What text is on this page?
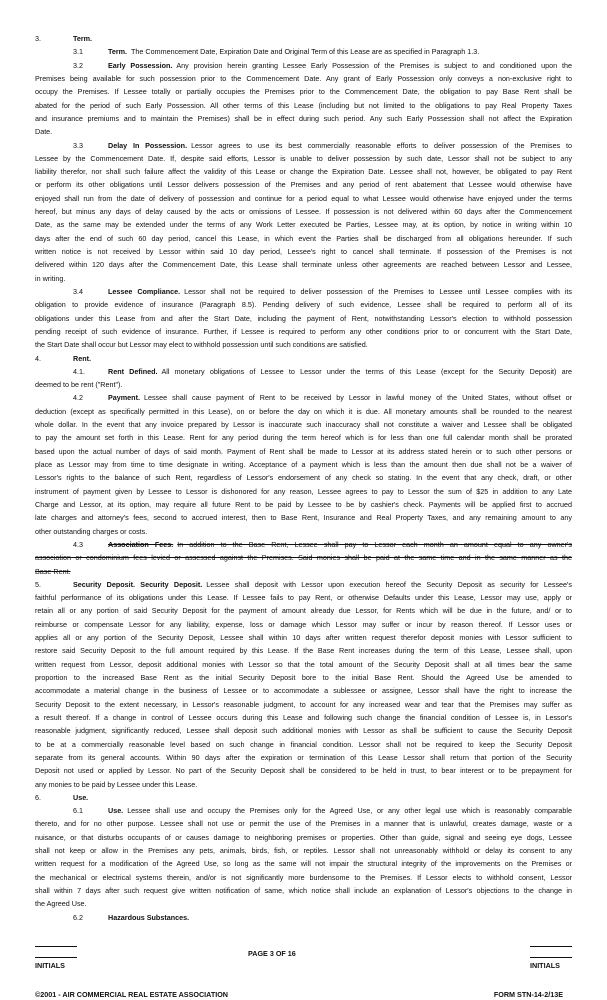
3.	Term.
3.1	Term. The Commencement Date, Expiration Date and Original Term of this Lease are as specified in Paragraph 1.3.
3.2	Early Possession. Any provision herein granting Lessee Early Possession of the Premises is subject to and conditioned upon the
Premises being available for such possession prior to the Commencement Date. Any grant of Early Possession only conveys a non-exclusive right to
occupy the Premises. If Lessee totally or partially occupies the Premises prior to the Commencement Date, the obligation to pay Base Rent shall be
abated for the period of such Early Possession. All other terms of this Lease (including but not limited to the obligations to pay Real Property Taxes
and insurance premiums and to maintain the Premises) shall be in effect during such period. Any such Early Possession shall not affect the Expiration
Date.
3.3	Delay In Possession. Lessor agrees to use its best commercially reasonable efforts to deliver possession of the Premises to
Lessee by the Commencement Date. If, despite said efforts, Lessor is unable to deliver possession by such date, Lessor shall not be subject to any
liability therefor, nor shall such failure affect the validity of this Lease or change the Expiration Date. Lessee shall not, however, be obligated to pay Rent
or perform its other obligations until Lessor delivers possession of the Premises and any period of rent abatement that Lessee would otherwise have
enjoyed shall run from the date of delivery of possession and continue for a period equal to what Lessee would otherwise have enjoyed under the terms
hereof, but minus any days of delay caused by the acts or omissions of Lessee. If possession is not delivered within 60 days after the Commencement
Date, as the same may be extended under the terms of any Work Letter executed be Parties, Lessee may, at its option, by notice in writing within 10
days after the end of such 60 day period, cancel this Lease, in which event the Parties shall be discharged from all obligations hereunder. If such
written notice is not received by Lessor within said 10 day period, Lessee's right to cancel shall terminate. If possession of the Premises is not
delivered within 120 days after the Commencement Date, this Lease shall terminate unless other agreements are reached between Lessor and Lessee,
in writing.
3.4	Lessee Compliance. Lessor shall not be required to deliver possession of the Premises to Lessee until Lessee complies with its
obligation to provide evidence of insurance (Paragraph 8.5). Pending delivery of such evidence, Lessee shall be required to perform all of its
obligations under this Lease from and after the Start Date, including the payment of Rent, notwithstanding Lessor's election to withhold possession
pending receipt of such evidence of insurance. Further, if Lessee is required to perform any other conditions prior to or concurrent with the Start Date,
the Start Date shall occur but Lessor may elect to withhold possession until such conditions are satisfied.
4.	Rent.
4.1.	Rent Defined. All monetary obligations of Lessee to Lessor under the terms of this Lease (except for the Security Deposit) are
deemed to be rent ("Rent").
4.2	Payment. Lessee shall cause payment of Rent to be received by Lessor in lawful money of the United States, without offset or
deduction (except as specifically permitted in this Lease), on or before the day on which it is due. All monetary amounts shall be rounded to the nearest
whole dollar. In the event that any invoice prepared by Lessor is inaccurate such inaccuracy shall not constitute a waiver and Lessee shall be obligated
to pay the amount set forth in this Lease. Rent for any period during the term hereof which is for less than one full calendar month shall be prorated
based upon the actual number of days of said month. Payment of Rent shall be made to Lessor at its address stated herein or to such other persons or
place as Lessor may from time to time designate in writing. Acceptance of a payment which is less than the amount then due shall not be a waiver of
Lessor's rights to the balance of such Rent, regardless of Lessor's endorsement of any check so stating. In the event that any check, draft, or other
instrument of payment given by Lessee to Lessor is dishonored for any reason, Lessee agrees to pay to Lessor the sum of $25 in addition to any Late
Charge and Lessor, at its option, may require all future Rent to be paid by Lessee to be by cashier's check. Payments will be applied first to accrued
late charges and attorney's fees, second to accrued interest, then to Base Rent, Insurance and Real Property Taxes, and any remaining amount to any
other outstanding charges or costs.
4.3	Association Fees. In addition to the Base Rent, Lessee shall pay to Lessor each month an amount equal to any owner's
association or condominium fees levied or assessed against the Premises. Said monies shall be paid at the same time and in the same manner as the
Base Rent.
5.	Security Deposit. Security Deposit. Lessee shall deposit with Lessor upon execution hereof the Security Deposit as security for Lessee's
faithful performance of its obligations under this Lease. If Lessee fails to pay Rent, or otherwise Defaults under this Lease, Lessor may use, apply or
retain all or any portion of said Security Deposit for the payment of amount already due Lessor, for Rents which will be due in the future, and/ or to
reimburse or compensate Lessor for any liability, expense, loss or damage which Lessor may suffer or incur by reason thereof. If Lessor uses or
applies all or any portion of the Security Deposit, Lessee shall within 10 days after written request therefor deposit monies with Lessor sufficient to
restore said Security Deposit to the full amount required by this Lease. If the Base Rent increases during the term of this Lease, Lessee shall, upon
written request from Lessor, deposit additional monies with Lessor so that the total amount of the Security Deposit shall at all times bear the same
proportion to the increased Base Rent as the initial Security Deposit bore to the initial Base Rent. Should the Agreed Use be amended to
accommodate a material change in the business of Lessee or to accommodate a sublessee or assignee, Lessor shall have the right to increase the
Security Deposit to the extent necessary, in Lessor's reasonable judgment, to account for any increased wear and tear that the Premises may suffer as
a result thereof. If a change in control of Lessee occurs during this Lease and following such change the financial condition of Lessee is, in Lessor's
reasonable judgment, significantly reduced, Lessee shall deposit such additional monies with Lessor as shall be sufficient to cause the Security Deposit
to be at a commercially reasonable level based on such change in financial condition. Lessor shall not be required to keep the Security Deposit
separate from its general accounts. Within 90 days after the expiration or termination of this Lease Lessor shall return that portion of the Security
Deposit not used or applied by Lessor. No part of the Security Deposit shall be considered to be held in trust, to bear interest or to be prepayment for
any monies to be paid by Lessee under this Lease.
6.	Use.
6.1	Use. Lessee shall use and occupy the Premises only for the Agreed Use, or any other legal use which is reasonably comparable
thereto, and for no other purpose. Lessee shall not use or permit the use of the Premises in a manner that is unlawful, creates damage, waste or a
nuisance, or that disturbs occupants of or causes damage to neighboring premises or properties. Other than guide, signal and seeing eye dogs, Lessee
shall not keep or allow in the Premises any pets, animals, birds, fish, or reptiles. Lessor shall not unreasonably withhold or delay its consent to any
written request for a modification of the Agreed Use, so long as the same will not impair the structural integrity of the improvements on the Premises or
the mechanical or electrical systems therein, and/or is not significantly more burdensome to the Premises. If Lessor elects to withhold consent, Lessor
shall within 7 days after such request give written notification of same, which notice shall include an explanation of Lessor's objections to the change in
the Agreed Use.
6.2	Hazardous Substances.
INITIALS
PAGE 3 OF 16
INITIALS
©2001 - AIR COMMERCIAL REAL ESTATE ASSOCIATION	FORM STN-14-2/13E
